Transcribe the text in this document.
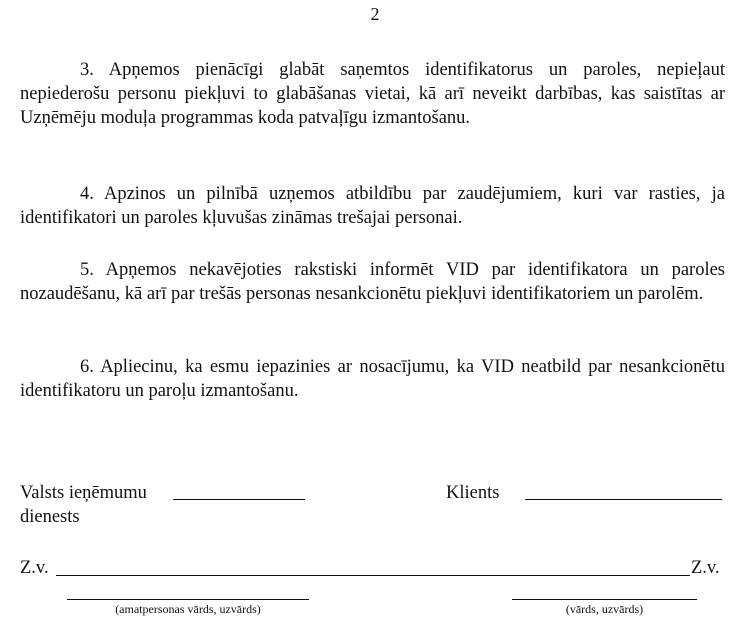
2

3. Apņemos pienācīgi glabāt saņemtos identifikatorus un paroles, nepieļaut nepiederošu personu piekļuvi to glabāšanas vietai, kā arī neveikt darbības, kas saistītas ar Uzņēmēju moduļa programmas koda patvaļīgu izmantošanu.

4. Apzinos un pilnībā uzņemos atbildību par zaudējumiem, kuri var rasties, ja identifikatori un paroles kļuvušas zināmas trešajai personai.

5. Apņemos nekavējoties rakstiski informēt VID par identifikatora un paroles nozaudēšanu, kā arī par trešās personas nesankcionētu piekļuvi identifikatoriem un parolēm.

6. Apliecinu, ka esmu iepazinies ar nosacījumu, ka VID neatbild par nesankcionētu identifikatoru un paroļu izmantošanu.

Valsts ieņēmumu
dienests
Klients
Z.v.	Z.v.
(amatpersonas vārds, uzvārds)	(vārds, uzvārds)
